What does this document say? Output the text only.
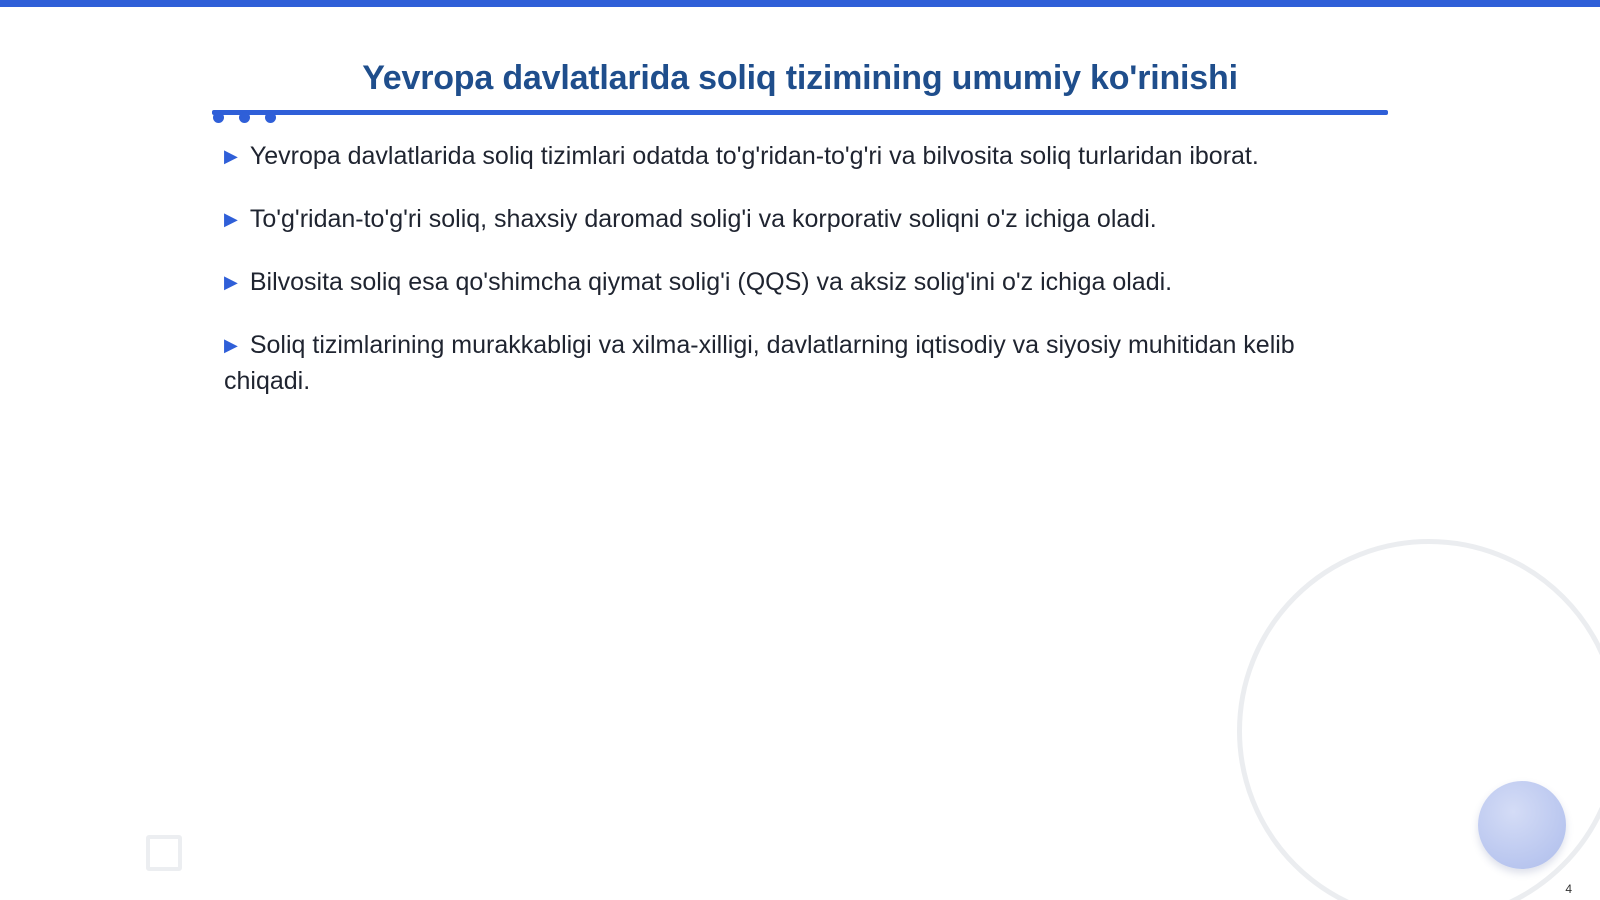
Yevropa davlatlarida soliq tizimining umumiy ko'rinishi

▶ Yevropa davlatlarida soliq tizimlari odatda to'g'ridan-to'g'ri va bilvosita soliq turlaridan iborat.

▶ To'g'ridan-to'g'ri soliq, shaxsiy daromad solig'i va korporativ soliqni o'z ichiga oladi.

▶ Bilvosita soliq esa qo'shimcha qiymat solig'i (QQS) va aksiz solig'ini o'z ichiga oladi.

▶ Soliq tizimlarining murakkabligi va xilma-xilligi, davlatlarning iqtisodiy va siyosiy muhitidan kelib chiqadi.

4
